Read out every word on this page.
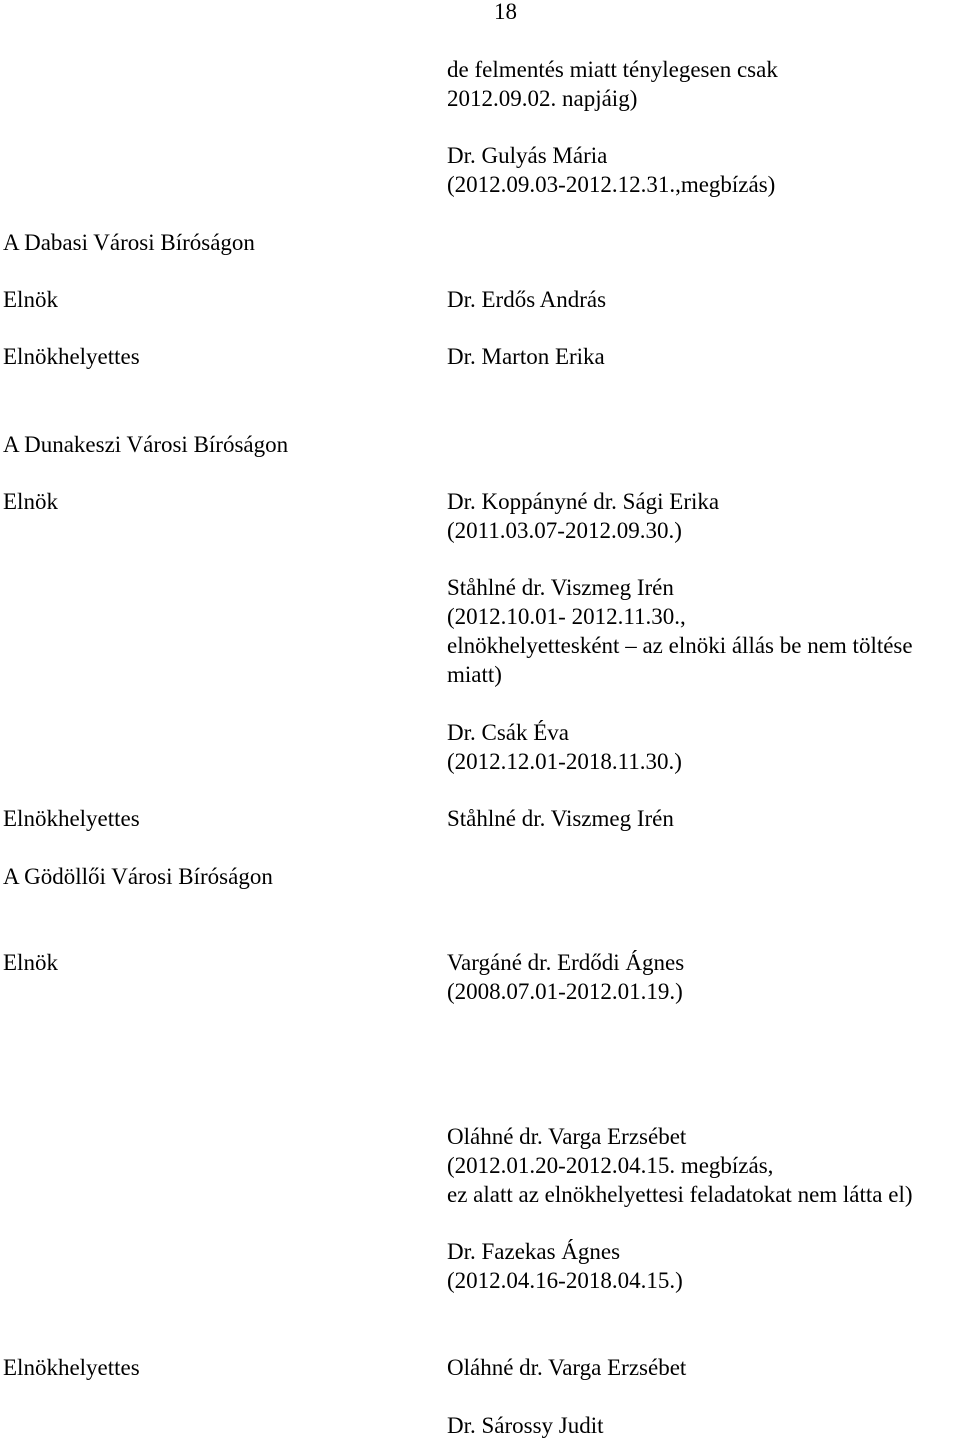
18
de felmentés miatt ténylegesen csak
2012.09.02. napjáig)
Dr. Gulyás Mária
(2012.09.03-2012.12.31.,megbízás)
A Dabasi Városi Bíróságon
Elnök	Dr. Erdős András
Elnökhelyettes	Dr. Marton Erika
A Dunakeszi Városi Bíróságon
Elnök	Dr. Koppányné dr. Sági Erika
(2011.03.07-2012.09.30.)
Ståhlné dr. Viszmeg Irén
(2012.10.01- 2012.11.30.,
elnökhelyettesként – az elnöki állás be nem töltése
miatt)
Dr. Csák Éva
(2012.12.01-2018.11.30.)
Elnökhelyettes	Ståhlné dr. Viszmeg Irén
A Gödöllői Városi Bíróságon
Elnök	Vargáné dr. Erdődi Ágnes
(2008.07.01-2012.01.19.)
Oláhné dr. Varga Erzsébet
(2012.01.20-2012.04.15. megbízás,
ez alatt az elnökhelyettesi feladatokat nem látta el)
Dr. Fazekas Ágnes
(2012.04.16-2018.04.15.)
Elnökhelyettes	Oláhné dr. Varga Erzsébet
Dr. Sárossy Judit
